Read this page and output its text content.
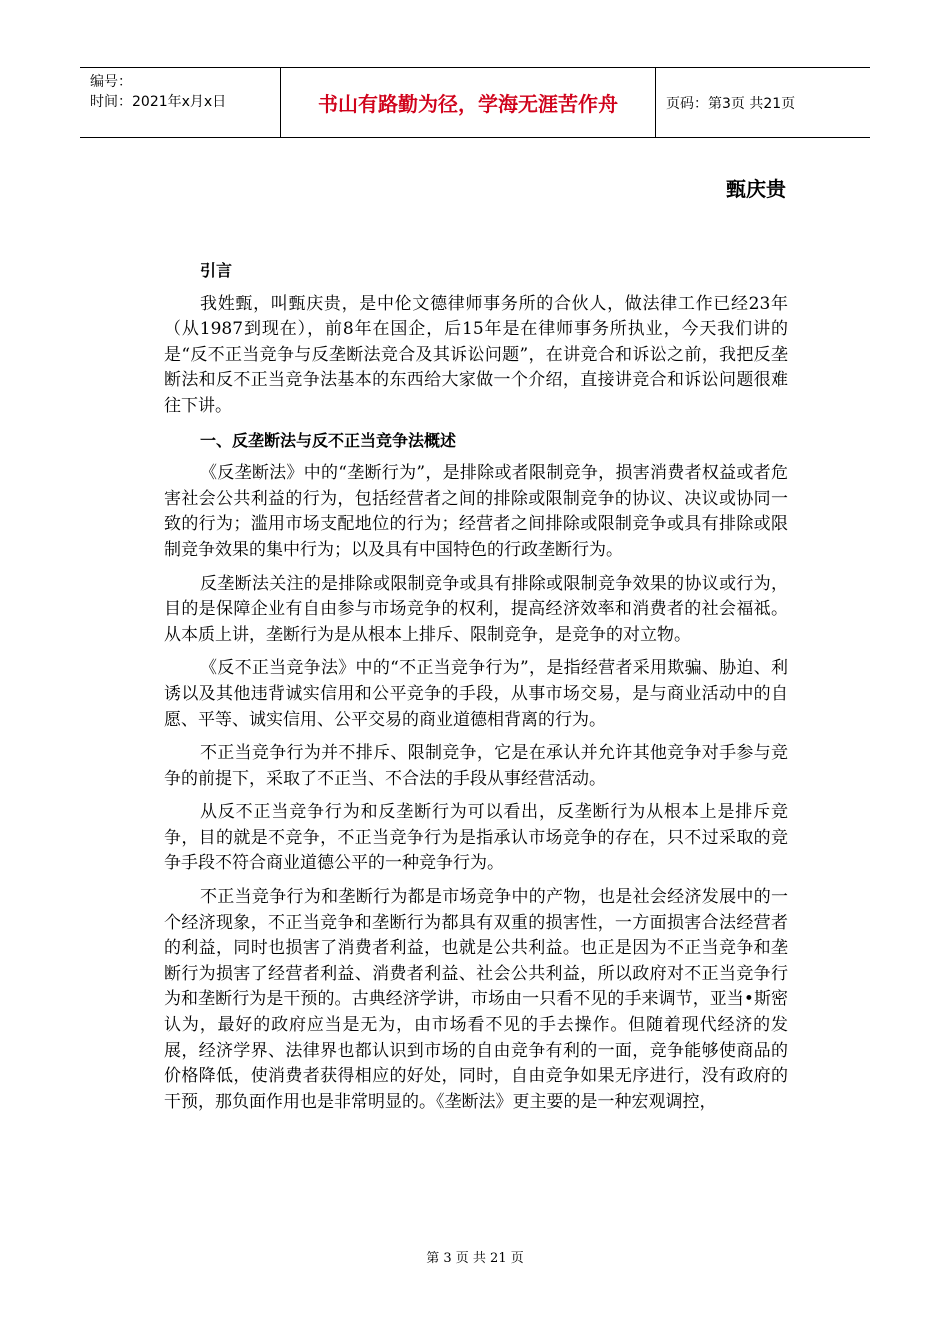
编号：
时间：2021年x月x日	书山有路勤为径，学海无涯苦作舟	页码：第3页 共21页
甄庆贵
引言

我姓甄，叫甄庆贵，是中伦文德律师事务所的合伙人，做法律工作已经23年（从1987到现在），前8年在国企，后15年是在律师事务所执业，今天我们讲的是“反不正当竞争与反垄断法竞合及其诉讼问题”，在讲竞合和诉讼之前，我把反垄断法和反不正当竞争法基本的东西给大家做一个介绍，直接讲竞合和诉讼问题很难往下讲。

一、反垄断法与反不正当竞争法概述

《反垄断法》中的“垄断行为”，是排除或者限制竞争，损害消费者权益或者危害社会公共利益的行为，包括经营者之间的排除或限制竞争的协议、决议或协同一致的行为；滥用市场支配地位的行为；经营者之间排除或限制竞争或具有排除或限制竞争效果的集中行为；以及具有中国特色的行政垄断行为。

反垄断法关注的是排除或限制竞争或具有排除或限制竞争效果的协议或行为，目的是保障企业有自由参与市场竞争的权利，提高经济效率和消费者的社会福祗。从本质上讲，垄断行为是从根本上排斥、限制竞争，是竞争的对立物。

《反不正当竞争法》中的“不正当竞争行为”，是指经营者采用欺骗、胁迫、利诱以及其他违背诚实信用和公平竞争的手段，从事市场交易，是与商业活动中的自愿、平等、诚实信用、公平交易的商业道德相背离的行为。

不正当竞争行为并不排斥、限制竞争，它是在承认并允许其他竞争对手参与竞争的前提下，采取了不正当、不合法的手段从事经营活动。

从反不正当竞争行为和反垄断行为可以看出，反垄断行为从根本上是排斥竞争，目的就是不竞争，不正当竞争行为是指承认市场竞争的存在，只不过采取的竞争手段不符合商业道德公平的一种竞争行为。

不正当竞争行为和垄断行为都是市场竞争中的产物，也是社会经济发展中的一个经济现象，不正当竞争和垄断行为都具有双重的损害性，一方面损害合法经营者的利益，同时也损害了消费者利益，也就是公共利益。也正是因为不正当竞争和垄断行为损害了经营者利益、消费者利益、社会公共利益，所以政府对不正当竞争行为和垄断行为是干预的。古典经济学讲，市场由一只看不见的手来调节，亚当•斯密认为，最好的政府应当是无为，由市场看不见的手去操作。但随着现代经济的发展，经济学界、法律界也都认识到市场的自由竞争有利的一面，竞争能够使商品的价格降低，使消费者获得相应的好处，同时，自由竞争如果无序进行，没有政府的干预，那负面作用也是非常明显的。《垄断法》更主要的是一种宏观调控，

第 3 页 共 21 页
